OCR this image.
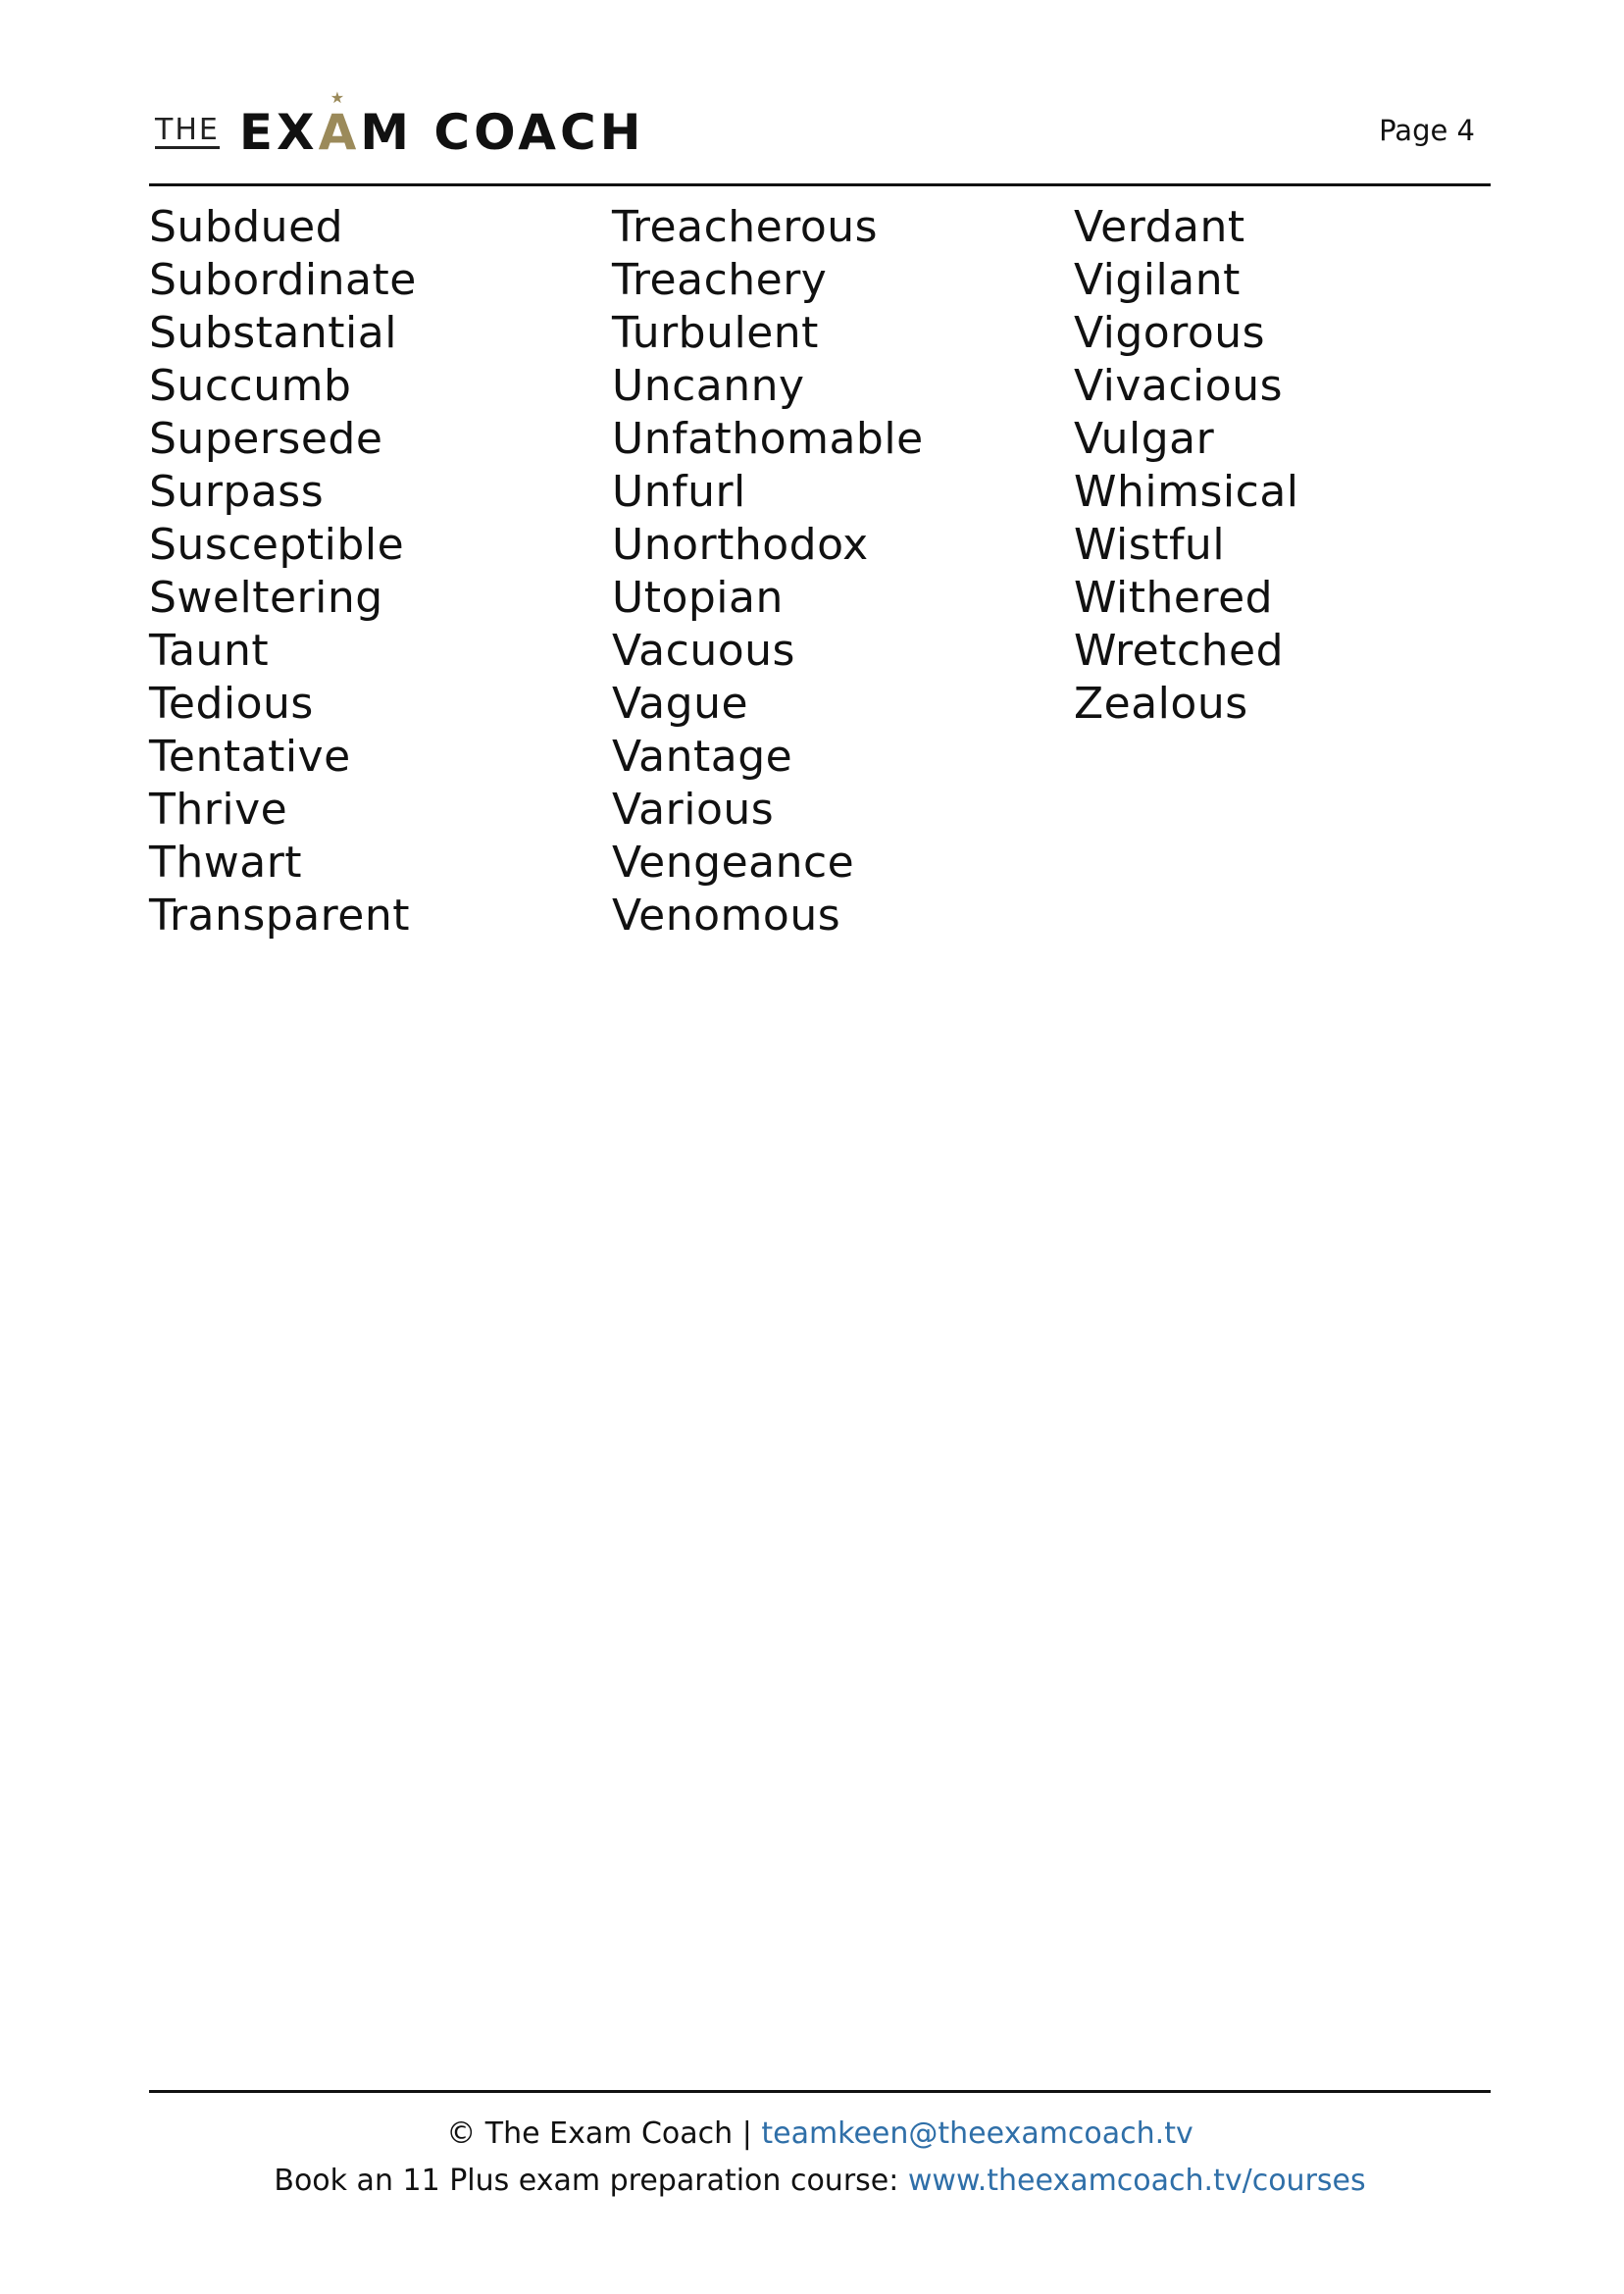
THE EX
★
AM COACH	Page 4
Subdued
Subordinate
Substantial
Succumb
Supersede
Surpass
Susceptible
Sweltering
Taunt
Tedious
Tentative
Thrive
Thwart
Transparent
Treacherous
Treachery
Turbulent
Uncanny
Unfathomable
Unfurl
Unorthodox
Utopian
Vacuous
Vague
Vantage
Various
Vengeance
Venomous
Verdant
Vigilant
Vigorous
Vivacious
Vulgar
Whimsical
Wistful
Withered
Wretched
Zealous
© The Exam Coach | teamkeen@theexamcoach.tv
Book an 11 Plus exam preparation course: www.theexamcoach.tv/courses
